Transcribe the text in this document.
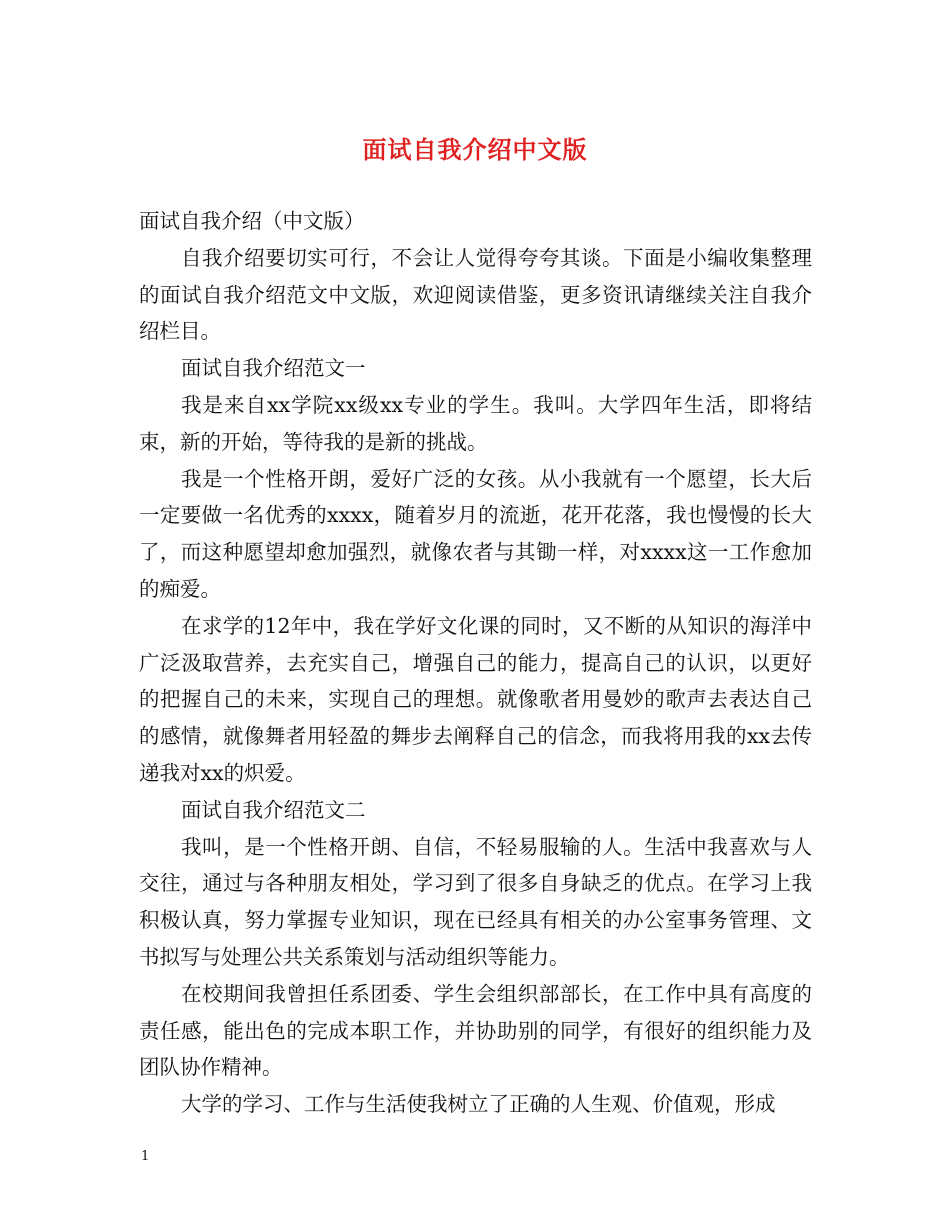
面试自我介绍中文版

面试自我介绍（中文版）

自我介绍要切实可行，不会让人觉得夸夸其谈。下面是小编收集整理的面试自我介绍范文中文版，欢迎阅读借鉴，更多资讯请继续关注自我介绍栏目。

面试自我介绍范文一

我是来自xx学院xx级xx专业的学生。我叫。大学四年生活，即将结束，新的开始，等待我的是新的挑战。

我是一个性格开朗，爱好广泛的女孩。从小我就有一个愿望，长大后一定要做一名优秀的xxxx，随着岁月的流逝，花开花落，我也慢慢的长大了，而这种愿望却愈加强烈，就像农者与其锄一样，对xxxx这一工作愈加的痴爱。

在求学的12年中，我在学好文化课的同时，又不断的从知识的海洋中广泛汲取营养，去充实自己，增强自己的能力，提高自己的认识，以更好的把握自己的未来，实现自己的理想。就像歌者用曼妙的歌声去表达自己的感情，就像舞者用轻盈的舞步去阐释自己的信念，而我将用我的xx去传递我对xx的炽爱。

面试自我介绍范文二

我叫，是一个性格开朗、自信，不轻易服输的人。生活中我喜欢与人交往，通过与各种朋友相处，学习到了很多自身缺乏的优点。在学习上我积极认真，努力掌握专业知识，现在已经具有相关的办公室事务管理、文书拟写与处理公共关系策划与活动组织等能力。

在校期间我曾担任系团委、学生会组织部部长，在工作中具有高度的责任感，能出色的完成本职工作，并协助别的同学，有很好的组织能力及团队协作精神。

大学的学习、工作与生活使我树立了正确的人生观、价值观，形成

1
